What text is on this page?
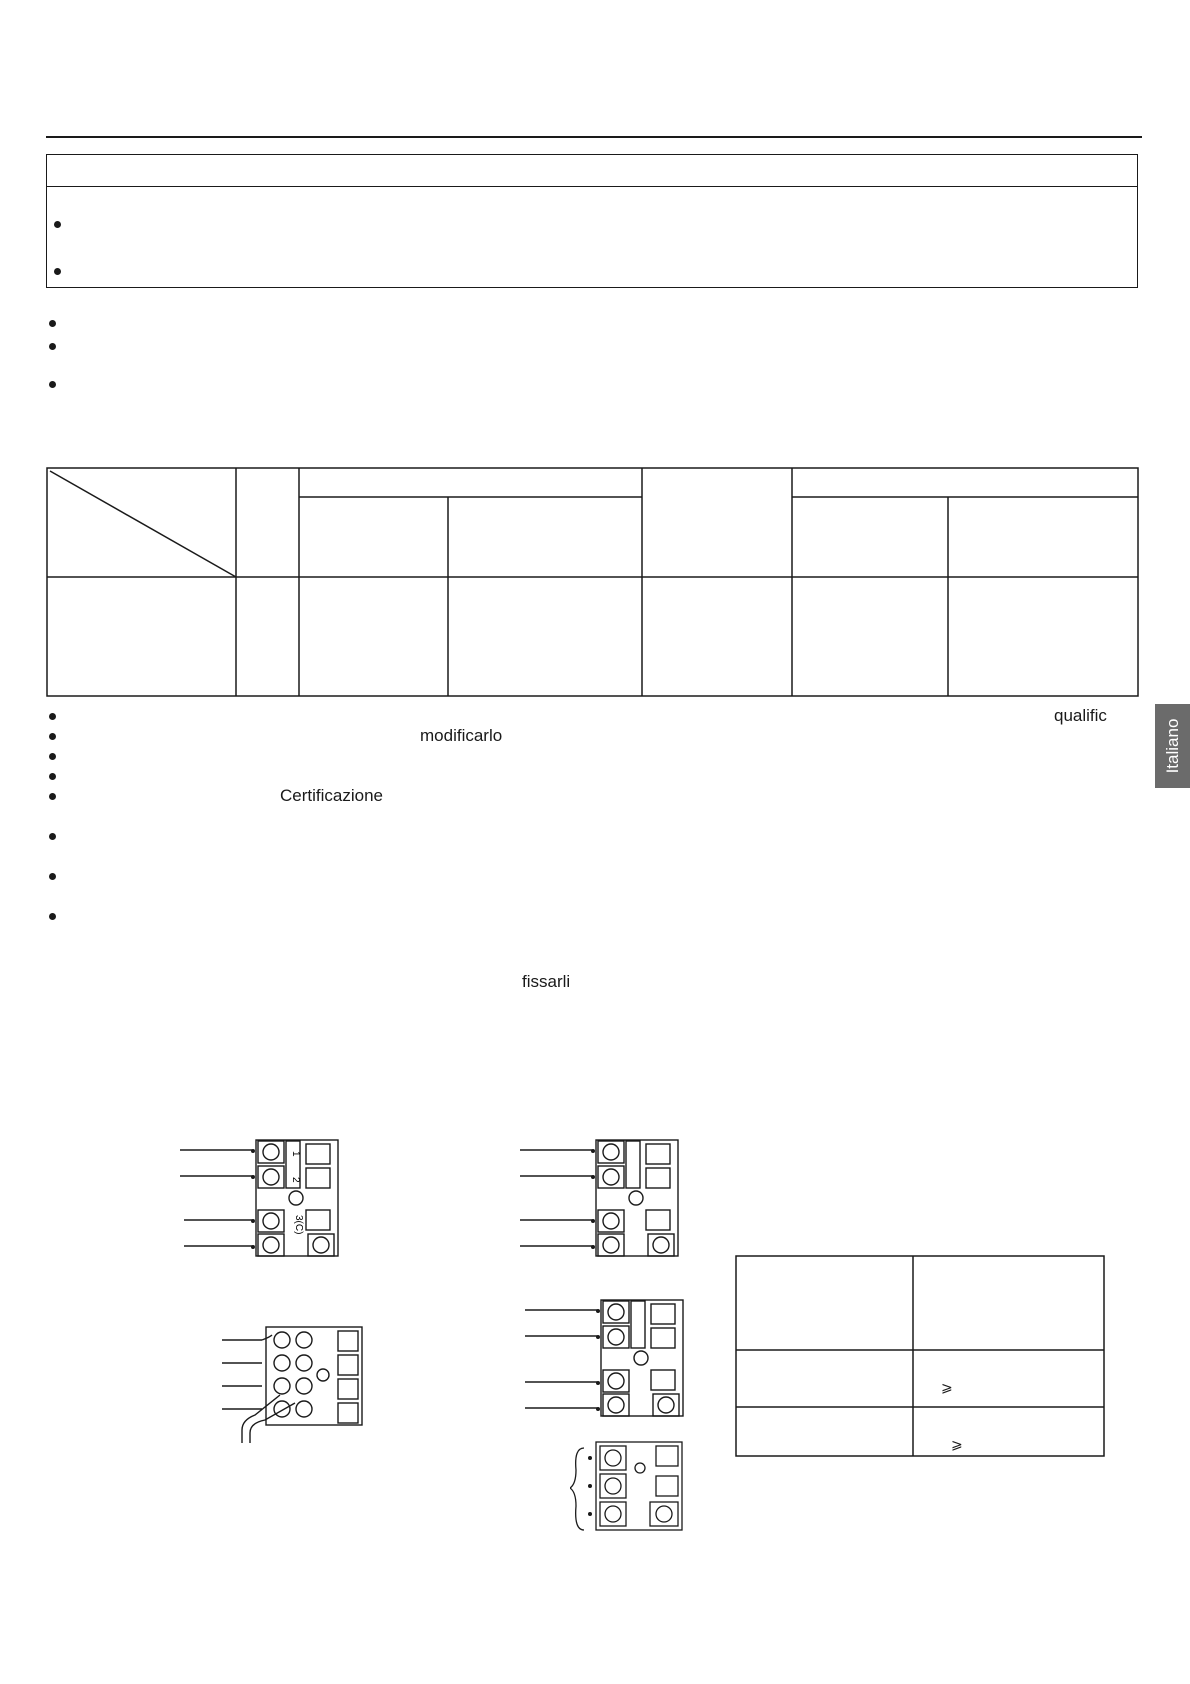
qualific
modificarlo
Certificazione
fissarli
Italiano
1
2
3(C)
⩾
⩾
